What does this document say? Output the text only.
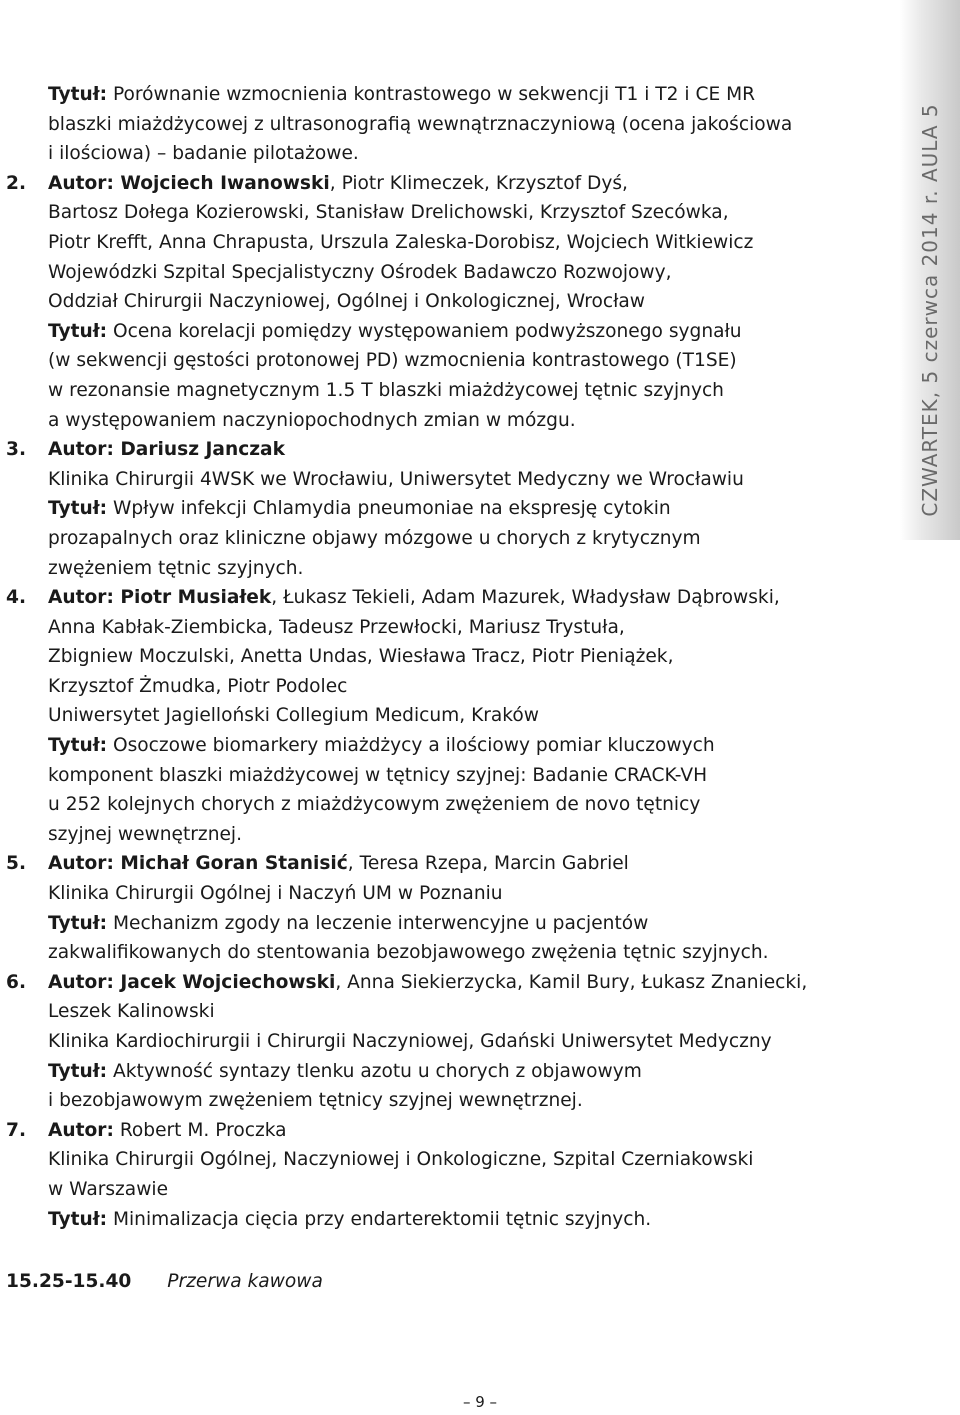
CZWARTEK, 5 czerwca 2014 r. AULA 5
Tytuł: Porównanie wzmocnienia kontrastowego w sekwencji T1 i T2 i CE MR
blaszki miażdżycowej z ultrasonografią wewnątrznaczyniową (ocena jakościowa
i ilościowa) – badanie pilotażowe.
2. Autor: Wojciech Iwanowski, Piotr Klimeczek, Krzysztof Dyś,
Bartosz Dołega Kozierowski, Stanisław Drelichowski, Krzysztof Szecówka,
Piotr Krefft, Anna Chrapusta, Urszula Zaleska-Dorobisz, Wojciech Witkiewicz
Wojewódzki Szpital Specjalistyczny Ośrodek Badawczo Rozwojowy,
Oddział Chirurgii Naczyniowej, Ogólnej i Onkologicznej, Wrocław
Tytuł: Ocena korelacji pomiędzy występowaniem podwyższonego sygnału
(w sekwencji gęstości protonowej PD) wzmocnienia kontrastowego (T1SE)
w rezonansie magnetycznym 1.5 T blaszki miażdżycowej tętnic szyjnych
a występowaniem naczyniopochodnych zmian w mózgu.
3. Autor: Dariusz Janczak
Klinika Chirurgii 4WSK we Wrocławiu, Uniwersytet Medyczny we Wrocławiu
Tytuł: Wpływ infekcji Chlamydia pneumoniae na ekspresję cytokin
prozapalnych oraz kliniczne objawy mózgowe u chorych z krytycznym
zwężeniem tętnic szyjnych.
4. Autor: Piotr Musiałek, Łukasz Tekieli, Adam Mazurek, Władysław Dąbrowski,
Anna Kabłak-Ziembicka, Tadeusz Przewłocki, Mariusz Trystuła,
Zbigniew Moczulski, Anetta Undas, Wiesława Tracz, Piotr Pieniążek,
Krzysztof Żmudka, Piotr Podolec
Uniwersytet Jagielloński Collegium Medicum, Kraków
Tytuł: Osoczowe biomarkery miażdżycy a ilościowy pomiar kluczowych
komponent blaszki miażdżycowej w tętnicy szyjnej: Badanie CRACK-VH
u 252 kolejnych chorych z miażdżycowym zwężeniem de novo tętnicy
szyjnej wewnętrznej.
5. Autor: Michał Goran Stanisić, Teresa Rzepa, Marcin Gabriel
Klinika Chirurgii Ogólnej i Naczyń UM w Poznaniu
Tytuł: Mechanizm zgody na leczenie interwencyjne u pacjentów
zakwalifikowanych do stentowania bezobjawowego zwężenia tętnic szyjnych.
6. Autor: Jacek Wojciechowski, Anna Siekierzycka, Kamil Bury, Łukasz Znaniecki,
Leszek Kalinowski
Klinika Kardiochirurgii i Chirurgii Naczyniowej, Gdański Uniwersytet Medyczny
Tytuł: Aktywność syntazy tlenku azotu u chorych z objawowym
i bezobjawowym zwężeniem tętnicy szyjnej wewnętrznej.
7. Autor: Robert M. Proczka
Klinika Chirurgii Ogólnej, Naczyniowej i Onkologiczne, Szpital Czerniakowski
w Warszawie
Tytuł: Minimalizacja cięcia przy endarterektomii tętnic szyjnych.
15.25-15.40 Przerwa kawowa
– 9 –
